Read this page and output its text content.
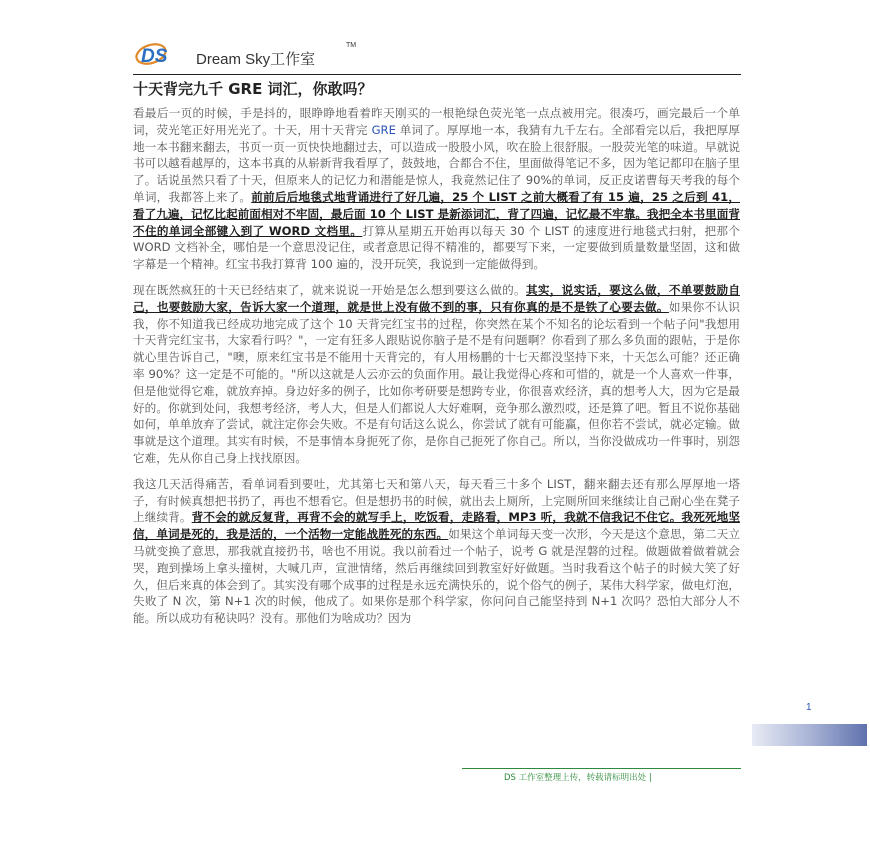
DS Dream Sky工作室
TM
十天背完九千 GRE 词汇，你敢吗？

看最后一页的时候，手是抖的，眼睁睁地看着昨天刚买的一根艳绿色荧光笔一点点被用完。很凑巧，画完最后一个单词，荧光笔正好用光光了。十天，用十天背完 GRE 单词了。厚厚地一本，我猜有九千左右。全部看完以后，我把厚厚地一本书翻来翻去，书页一页一页快快地翻过去，可以造成一股股小风，吹在脸上很舒服。一股荧光笔的味道。早就说书可以越看越厚的，这本书真的从崭新背我看厚了，鼓鼓地，合都合不住，里面做得笔记不多，因为笔记都印在脑子里了。话说虽然只看了十天，但原来人的记忆力和潜能是惊人，我竟然记住了 90%的单词，反正皮诺曹每天考我的每个单词，我都答上来了。前前后后地毯式地背诵进行了好几遍，25 个 LIST 之前大概看了有 15 遍，25 之后到 41，看了九遍，记忆比起前面相对不牢固，最后面 10 个 LIST 是新添词汇，背了四遍，记忆最不牢靠。我把全本书里面背不住的单词全部键入到了 WORD 文档里。打算从星期五开始再以每天 30 个 LIST 的速度进行地毯式扫射，把那个 WORD 文档补全，哪怕是一个意思没记住，或者意思记得不精准的，都要写下来，一定要做到质量数量坚固，这和做字幕是一个精神。红宝书我打算背 100 遍的，没开玩笑，我说到一定能做得到。

现在既然疯狂的十天已经结束了，就来说说一开始是怎么想到要这么做的。其实，说实话，要这么做，不单要鼓励自己，也要鼓励大家，告诉大家一个道理，就是世上没有做不到的事，只有你真的是不是铁了心要去做。如果你不认识我，你不知道我已经成功地完成了这个 10 天背完红宝书的过程，你突然在某个不知名的论坛看到一个帖子问"我想用十天背完红宝书，大家看行吗？"，一定有狂多人跟贴说你脑子是不是有问题啊？你看到了那么多负面的跟帖，于是你就心里告诉自己，"噢，原来红宝书是不能用十天背完的，有人用杨鹏的十七天都没坚持下来，十天怎么可能？还正确率 90%？这一定是不可能的。"所以这就是人云亦云的负面作用。最让我觉得心疼和可惜的，就是一个人喜欢一件事，但是他觉得它难，就放弃掉。身边好多的例子，比如你考研要是想跨专业，你很喜欢经济，真的想考人大，因为它是最好的。你就到处问，我想考经济，考人大，但是人们都说人大好难啊，竞争那么激烈哎，还是算了吧。暂且不说你基础如何，单单放弃了尝试，就注定你会失败。不是有句话这么说么，你尝试了就有可能赢，但你若不尝试，就必定输。做事就是这个道理。其实有时候，不是事情本身扼死了你，是你自己扼死了你自己。所以，当你没做成功一件事时，别怨它难，先从你自己身上找找原因。

我这几天活得痛苦，看单词看到要吐，尤其第七天和第八天，每天看三十多个 LIST，翻来翻去还有那么厚厚地一塔子，有时候真想把书扔了，再也不想看它。但是想扔书的时候，就出去上厕所，上完厕所回来继续让自己耐心坐在凳子上继续背。背不会的就反复背，再背不会的就写手上，吃饭看，走路看，MP3 听，我就不信我记不住它。我死死地坚信，单词是死的，我是活的，一个活物一定能战胜死的东西。如果这个单词每天变一次形，今天是这个意思，第二天立马就变换了意思，那我就直接扔书，啥也不用说。我以前看过一个帖子，说考 G 就是涅磐的过程。做题做着做着就会哭，跑到操场上拿头撞树，大喊几声，宣泄情绪，然后再继续回到教室好好做题。当时我看这个帖子的时候大笑了好久，但后来真的体会到了。其实没有哪个成事的过程是永远充满快乐的，说个俗气的例子，某伟大科学家，做电灯泡，失败了 N 次，第 N+1 次的时候，他成了。如果你是那个科学家，你问问自己能坚持到 N+1 次吗？恐怕大部分人不能。所以成功有秘诀吗？没有。那他们为啥成功？因为

DS 工作室整理上传，转载请标明出处 |
1
